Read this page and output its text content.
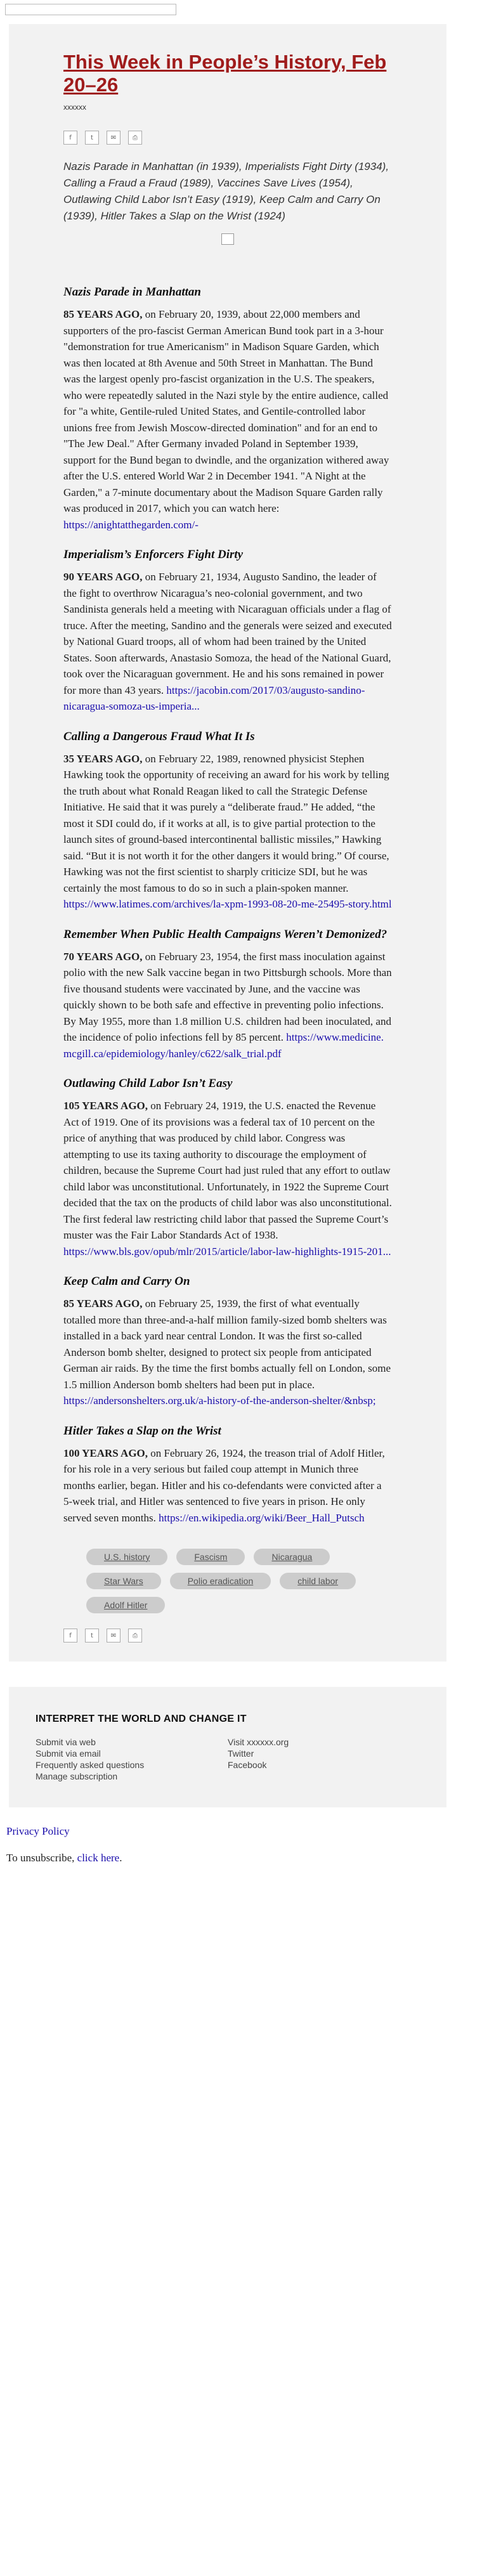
This Week in People’s History, Feb 20–26
xxxxxx
f	t	✉	⎙
Nazis Parade in Manhattan (in 1939), Imperialists Fight Dirty (1934), Calling a Fraud a Fraud (1989), Vaccines Save Lives (1954), Outlawing Child Labor Isn’t Easy (1919), Keep Calm and Carry On (1939), Hitler Takes a Slap on the Wrist (1924)
Nazis Parade in Manhattan

85 YEARS AGO, on February 20, 1939, about 22,000 members and supporters of the pro-fascist German American Bund took part in a 3-hour "demonstration for true Americanism" in Madison Square Garden, which was then located at 8th Avenue and 50th Street in Manhattan. The Bund was the largest openly pro-fascist organization in the U.S. The speakers, who were repeatedly saluted in the Nazi style by the entire audience, called for "a white, Gentile-ruled United States, and Gentile-controlled labor unions free from Jewish Moscow-directed domination" and for an end to "The Jew Deal." After Germany invaded Poland in September 1939, support for the Bund began to dwindle, and the organization withered away after the U.S. entered World War 2 in December 1941. "A Night at the Garden," a 7-minute documentary about the Madison Square Garden rally was produced in 2017, which you can watch here: https://anightatthegarden.com/-

Imperialism’s Enforcers Fight Dirty

90 YEARS AGO, on February 21, 1934, Augusto Sandino, the leader of the fight to overthrow Nicaragua’s neo-colonial government, and two Sandinista generals held a meeting with Nicaraguan officials under a flag of truce. After the meeting, Sandino and the generals were seized and executed by National Guard troops, all of whom had been trained by the United States. Soon afterwards, Anastasio Somoza, the head of the National Guard, took over the Nicaraguan government. He and his sons remained in power for more than 43 years. https://jacobin.com/2017/03/augusto-sandino-nicaragua-somoza-us-imperia...

Calling a Dangerous Fraud What It Is

35 YEARS AGO, on February 22, 1989, renowned physicist Stephen Hawking took the opportunity of receiving an award for his work by telling the truth about what Ronald Reagan liked to call the Strategic Defense Initiative. He said that it was purely a “deliberate fraud.” He added, “the most it SDI could do, if it works at all, is to give partial protection to the launch sites of ground-based intercontinental ballistic missiles,” Hawking said. “But it is not worth it for the other dangers it would bring.” Of course, Hawking was not the first scientist to sharply criticize SDI, but he was certainly the most famous to do so in such a plain-spoken manner. https://www.latimes.com/archives/la-xpm-1993-08-20-me-25495-story.html

Remember When Public Health Campaigns Weren’t Demonized?

70 YEARS AGO, on February 23, 1954, the first mass inoculation against polio with the new Salk vaccine began in two Pittsburgh schools. More than five thousand students were vaccinated by June, and the vaccine was quickly shown to be both safe and effective in preventing polio infections. By May 1955, more than 1.8 million U.S. children had been inoculated, and the incidence of polio infections fell by 85 percent. https://www.medicine.mcgill.ca/epidemiology/hanley/c622/salk_trial.pdf

Outlawing Child Labor Isn’t Easy

105 YEARS AGO, on February 24, 1919, the U.S. enacted the Revenue Act of 1919. One of its provisions was a federal tax of 10 percent on the price of anything that was produced by child labor. Congress was attempting to use its taxing authority to discourage the employment of children, because the Supreme Court had just ruled that any effort to outlaw child labor was unconstitutional. Unfortunately, in 1922 the Supreme Court decided that the tax on the products of child labor was also unconstitutional. The first federal law restricting child labor that passed the Supreme Court’s muster was the Fair Labor Standards Act of 1938. https://www.bls.gov/opub/mlr/2015/article/labor-law-highlights-1915-201...

Keep Calm and Carry On

85 YEARS AGO, on February 25, 1939, the first of what eventually totalled more than three-and-a-half million family-sized bomb shelters was installed in a back yard near central London. It was the first so-called Anderson bomb shelter, designed to protect six people from anticipated German air raids. By the time the first bombs actually fell on London, some 1.5 million Anderson bomb shelters had been put in place. https://andersonshelters.org.uk/a-history-of-the-anderson-shelter/&nbsp;

Hitler Takes a Slap on the Wrist

100 YEARS AGO, on February 26, 1924, the treason trial of Adolf Hitler, for his role in a very serious but failed coup attempt in Munich three months earlier, began. Hitler and his co-defendants were convicted after a 5-week trial, and Hitler was sentenced to five years in prison. He only served seven months. https://en.wikipedia.org/wiki/Beer_Hall_Putsch

U.S. history	Fascism	Nicaragua
Star Wars	Polio eradication	child labor
Adolf Hitler
f	t	✉	⎙
INTERPRET THE WORLD AND CHANGE IT
Submit via web
Submit via email
Frequently asked questions
Manage subscription
Visit xxxxxx.org
Twitter
Facebook

Privacy Policy

To unsubscribe, click here.
